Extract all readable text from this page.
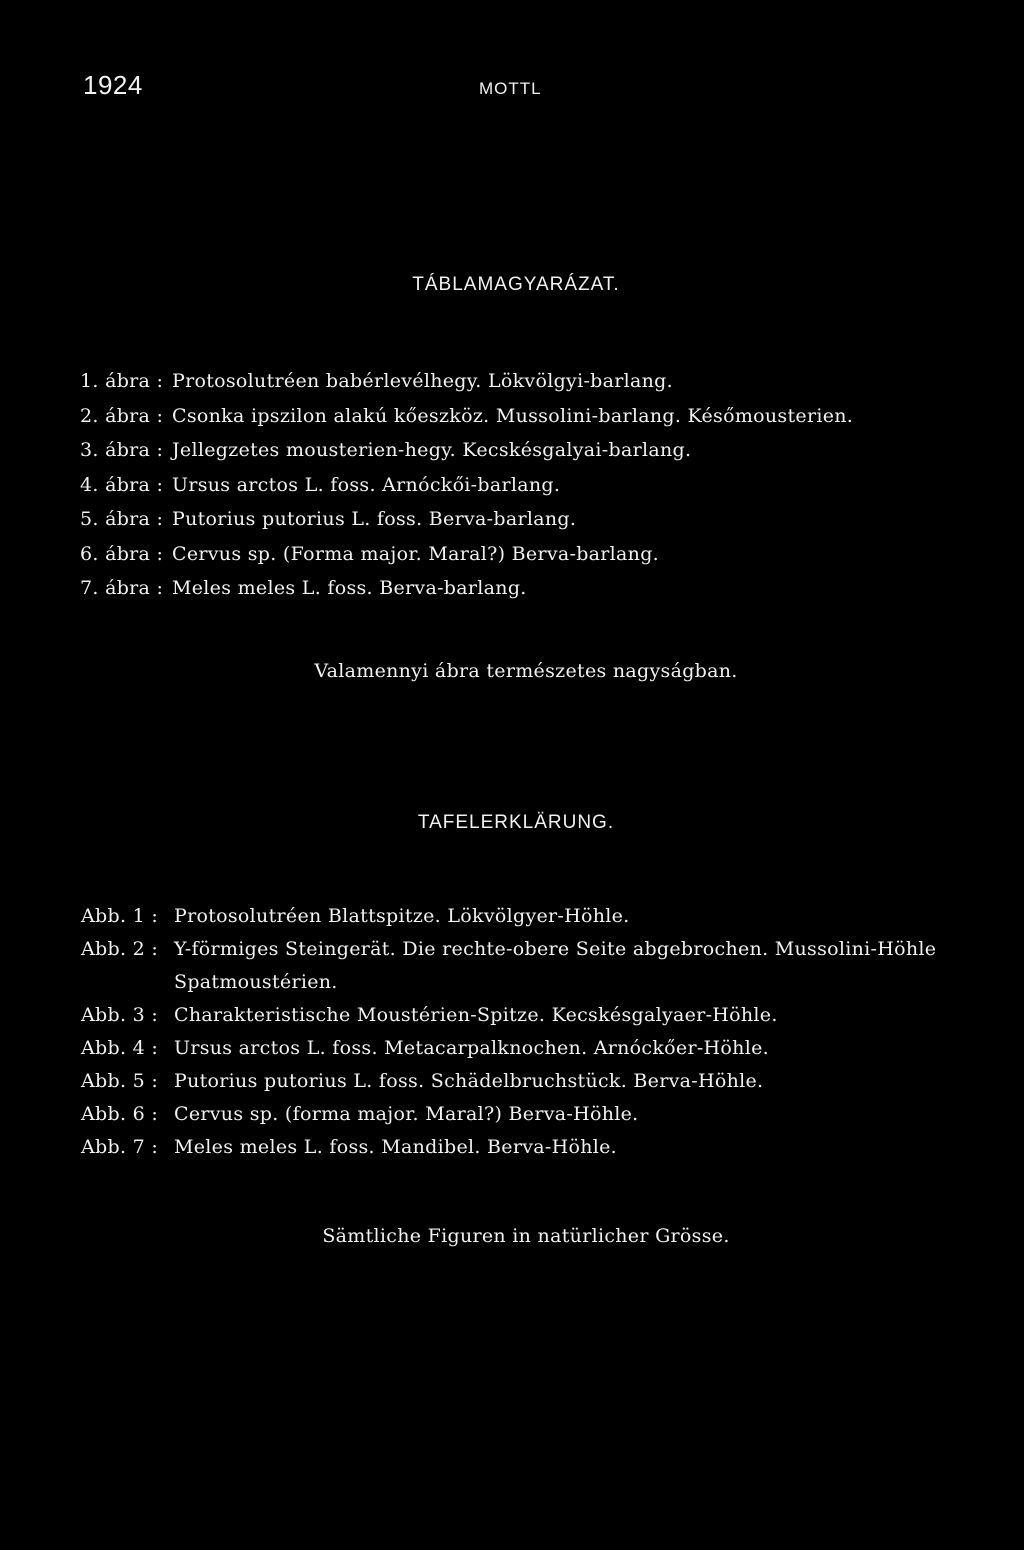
1924	MOTTL
TÁBLAMAGYARÁZAT.
1. ábra : Protosolutréen babérlevélhegy. Lökvölgyi-barlang.
2. ábra : Csonka ipszilon alakú kőeszköz. Mussolini-barlang. Későmousterien.
3. ábra : Jellegzetes mousterien-hegy. Kecskésgalyai-barlang.
4. ábra : Ursus arctos L. foss. Arnóckői-barlang.
5. ábra : Putorius putorius L. foss. Berva-barlang.
6. ábra : Cervus sp. (Forma major. Maral?) Berva-barlang.
7. ábra : Meles meles L. foss. Berva-barlang.
Valamennyi ábra természetes nagyságban.
TAFELERKLÄRUNG.
Abb. 1 : Protosolutréen Blattspitze. Lökvölgyer-Höhle.
Abb. 2 : Y-förmiges Steingerät. Die rechte-obere Seite abgebrochen. Mussolini-Höhle
Spatmoustérien.
Abb. 3 : Charakteristische Moustérien-Spitze. Kecskésgalyaer-Höhle.
Abb. 4 : Ursus arctos L. foss. Metacarpalknochen. Arnóckőer-Höhle.
Abb. 5 : Putorius putorius L. foss. Schädelbruchstück. Berva-Höhle.
Abb. 6 : Cervus sp. (forma major. Maral?) Berva-Höhle.
Abb. 7 : Meles meles L. foss. Mandibel. Berva-Höhle.
Sämtliche Figuren in natürlicher Grösse.
